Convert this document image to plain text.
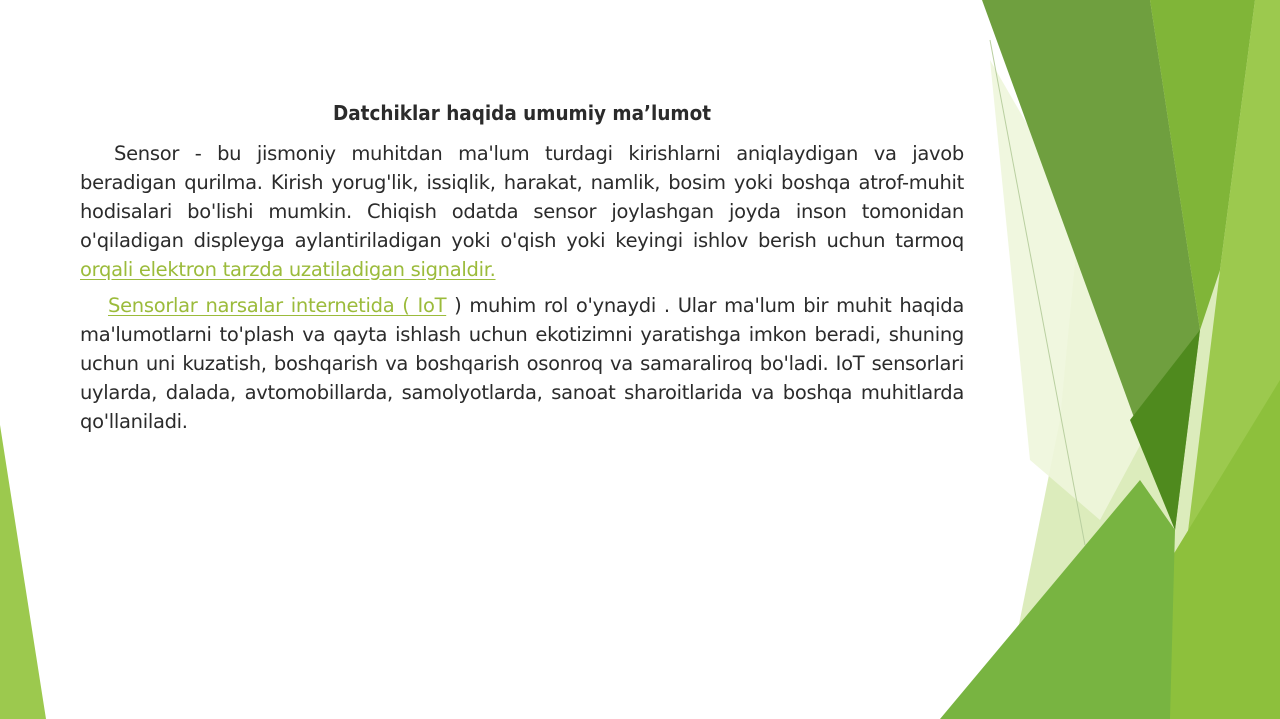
Datchiklar haqida umumiy ma’lumot

Sensor - bu jismoniy muhitdan ma'lum turdagi kirishlarni aniqlaydigan va javob beradigan qurilma. Kirish yorug'lik, issiqlik, harakat, namlik, bosim yoki boshqa atrof-muhit hodisalari bo'lishi mumkin. Chiqish odatda sensor joylashgan joyda inson tomonidan o'qiladigan displeyga aylantiriladigan yoki o'qish yoki keyingi ishlov berish uchun tarmoq orqali elektron tarzda uzatiladigan signaldir.

Sensorlar narsalar internetida ( IoT ) muhim rol o'ynaydi . Ular ma'lum bir muhit haqida ma'lumotlarni to'plash va qayta ishlash uchun ekotizimni yaratishga imkon beradi, shuning uchun uni kuzatish, boshqarish va boshqarish osonroq va samaraliroq bo'ladi. IoT sensorlari uylarda, dalada, avtomobillarda, samolyotlarda, sanoat sharoitlarida va boshqa muhitlarda qo'llaniladi.
